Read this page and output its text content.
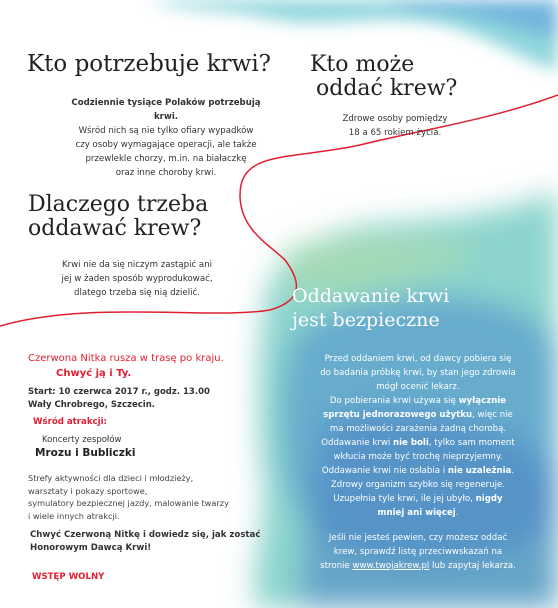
Kto potrzebuje krwi?
Codziennie tysiące Polaków potrzebują krwi.
Wśród nich są nie tylko ofiary wypadków
czy osoby wymagające operacji, ale także
przewlekle chorzy, m.in. na białaczkę
oraz inne choroby krwi.
Kto może
oddać krew?
Zdrowe osoby pomiędzy
18 a 65 rokiem życia.
Dlaczego trzeba
oddawać krew?
Krwi nie da się niczym zastąpić ani
jej w żaden sposób wyprodukować,
dlatego trzeba się nią dzielić.	Oddawanie krwi
jest bezpieczne
Przed oddaniem krwi, od dawcy pobiera się
do badania próbkę krwi, by stan jego zdrowia
mógł ocenić lekarz.
Do pobierania krwi używa się wyłącznie
sprzętu jednorazowego użytku, więc nie
ma możliwości zarażenia żadną chorobą.
Oddawanie krwi nie boli, tylko sam moment
wkłucia może być trochę nieprzyjemny.
Oddawanie krwi nie osłabia i nie uzależnia.
Zdrowy organizm szybko się regeneruje.
Uzupełnia tyle krwi, ile jej ubyło, nigdy
mniej ani więcej.
Jeśli nie jesteś pewien, czy możesz oddać
krew, sprawdź listę przeciwwskazań na
stronie www.twojakrew.pl lub zapytaj lekarza.
Czerwona Nitka rusza w trasę po kraju.
Chwyć ją i Ty.
Start: 10 czerwca 2017 r., godz. 13.00
Wały Chrobrego, Szczecin.
Wśród atrakcji:
Koncerty zespołów
Mrozu i Bubliczki
Strefy aktywności dla dzieci i młodzieży,
warsztaty i pokazy sportowe,
symulatory bezpiecznej jazdy, malowanie twarzy
i wiele innych atrakcji.
Chwyć Czerwoną Nitkę i dowiedz się, jak zostać
Honorowym Dawcą Krwi!
WSTĘP WOLNY
